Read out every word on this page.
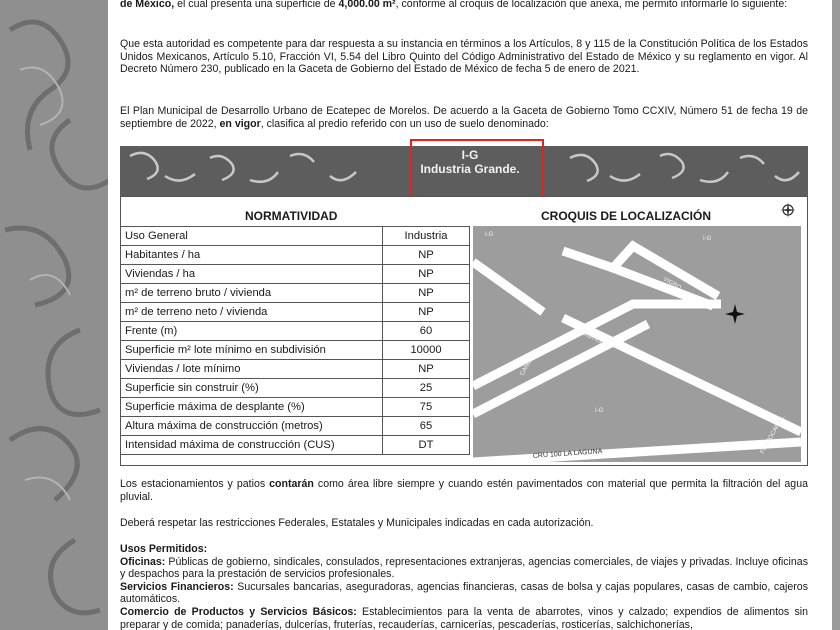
de México, el cual presenta una superficie de 4,000.00 m², conforme al croquis de localización que anexa, me permito informarle lo siguiente:
Que esta autoridad es competente para dar respuesta a su instancia en términos a los Artículos, 8 y 115 de la Constitución Política de los Estados Unidos Mexicanos, Artículo 5.10, Fracción VI, 5.54 del Libro Quinto del Código Administrativo del Estado de México y su reglamento en vigor. Al Decreto Número 230, publicado en la Gaceta de Gobierno del Estado de México de fecha 5 de enero de 2021.
El Plan Municipal de Desarrollo Urbano de Ecatepec de Morelos. De acuerdo a la Gaceta de Gobierno Tomo CCXIV, Número 51 de fecha 19 de septiembre de 2022, en vigor, clasifica al predio referido con un uso de suelo denominado:
I-G
Industria Grande.
NORMATIVIDAD	CROQUIS DE LOCALIZACIÓN
Uso General	Industria
Habitantes / ha	NP
Viviendas / ha	NP
m² de terreno bruto / vivienda	NP
m² de terreno neto / vivienda	NP
Frente (m)	60
Superficie m² lote mínimo en subdivisión	10000
Viviendas / lote mínimo	NP
Superficie sin construir (%)	25
Superficie máxima de desplante (%)	75
Altura máxima de construcción (metros)	65
Intensidad máxima de construcción (CUS)	DT
I-G
I-G
I-G
VIGRO
CAÑOTOS
PLASTICOS
FERROCARRIL
CRU 100 LA LAGUNA
Los estacionamientos y patios contarán como área libre siempre y cuando estén pavimentados con material que permita la filtración del agua pluvial.
Deberá respetar las restricciones Federales, Estatales y Municipales indicadas en cada autorización.
Usos Permitidos:
Oficinas: Públicas de gobierno, sindicales, consulados, representaciones extranjeras, agencias comerciales, de viajes y privadas. Incluye oficinas y despachos para la prestación de servicios profesionales.
Servicios Financieros: Sucursales bancarias, aseguradoras, agencias financieras, casas de bolsa y cajas populares, casas de cambio, cajeros automáticos.
Comercio de Productos y Servicios Básicos: Establecimientos para la venta de abarrotes, vinos y calzado; expendios de alimentos sin preparar y de comida; panaderías, dulcerías, fruterías, recauderías, carnicerías, pescaderías, rosticerías, salchichonerías,
